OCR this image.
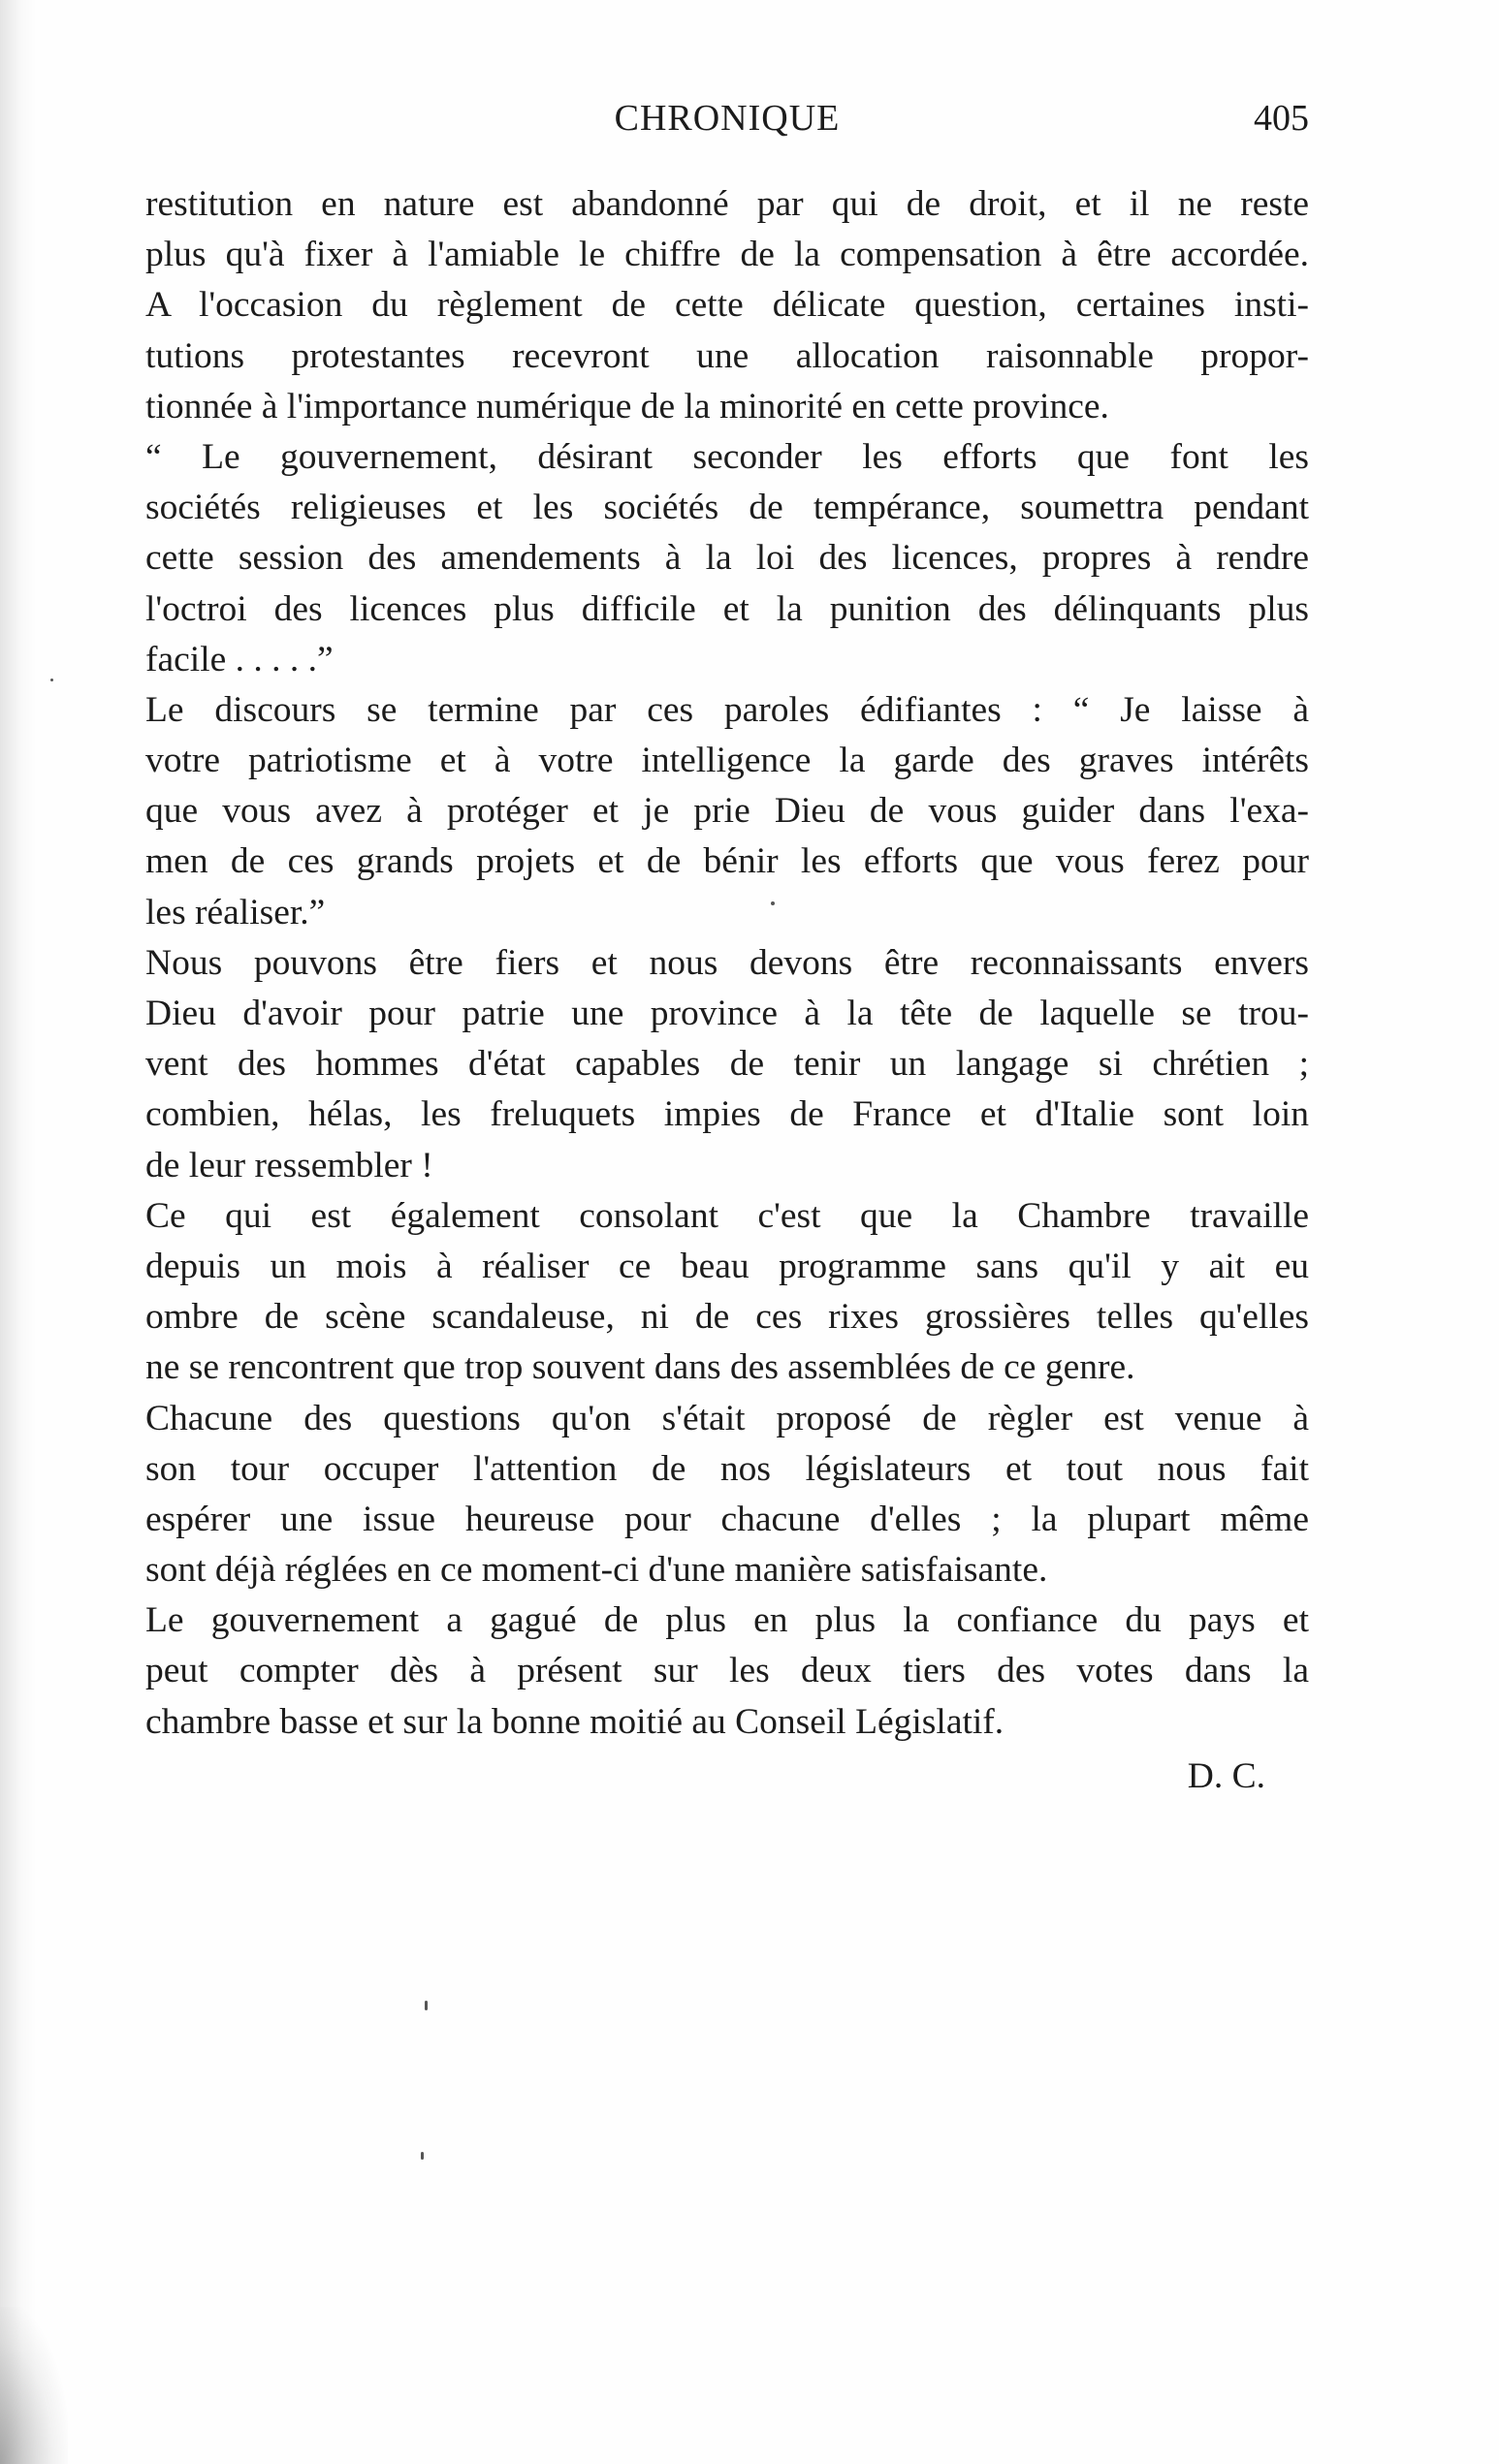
CHRONIQUE	405
restitution en nature est abandonné par qui de droit, et il ne reste
plus qu'à fixer à l'amiable le chiffre de la compensation à être accordée.
A l'occasion du règlement de cette délicate question, certaines insti-
tutions protestantes recevront une allocation raisonnable propor-
tionnée à l'importance numérique de la minorité en cette province.
“ Le gouvernement, désirant seconder les efforts que font les
sociétés religieuses et les sociétés de tempérance, soumettra pendant
cette session des amendements à la loi des licences, propres à rendre
l'octroi des licences plus difficile et la punition des délinquants plus
facile . . . . .”
Le discours se termine par ces paroles édifiantes : “ Je laisse à
votre patriotisme et à votre intelligence la garde des graves intérêts
que vous avez à protéger et je prie Dieu de vous guider dans l'exa-
men de ces grands projets et de bénir les efforts que vous ferez pour
les réaliser.”
Nous pouvons être fiers et nous devons être reconnaissants envers
Dieu d'avoir pour patrie une province à la tête de laquelle se trou-
vent des hommes d'état capables de tenir un langage si chrétien ;
combien, hélas, les freluquets impies de France et d'Italie sont loin
de leur ressembler !
Ce qui est également consolant c'est que la Chambre travaille
depuis un mois à réaliser ce beau programme sans qu'il y ait eu
ombre de scène scandaleuse, ni de ces rixes grossières telles qu'elles
ne se rencontrent que trop souvent dans des assemblées de ce genre.
Chacune des questions qu'on s'était proposé de règler est venue à
son tour occuper l'attention de nos législateurs et tout nous fait
espérer une issue heureuse pour chacune d'elles ; la plupart même
sont déjà réglées en ce moment-ci d'une manière satisfaisante.
Le gouvernement a gagué de plus en plus la confiance du pays et
peut compter dès à présent sur les deux tiers des votes dans la
chambre basse et sur la bonne moitié au Conseil Législatif.
D. C.
